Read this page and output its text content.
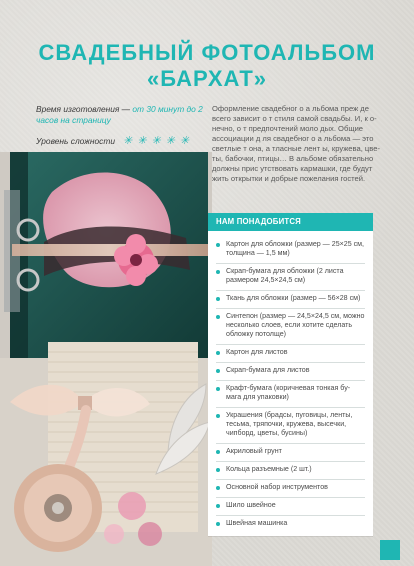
СВАДЕБНЫЙ ФОТОАЛЬБОМ
«БАРХАТ»
Время изготовления — от 30 минут до 2 часов на страницу
Уровень сложности ✳ ✳ ✳ ✳ ✳
Оформление свадебног о а льбома преж де всего зависит о т стиля самой свадьбы. И, к о- нечно, о т предпочтений моло дых. Общие ассоциации д ля свадебног о а льбома — это светлые т она, а тласные лент ы, кружева, цве- ты, бабочки, птицы… В альбоме обязательно должны прис утствовать кармашки, где будут жить открытки и добрые пожелания гостей.
НАМ ПОНАДОБИТСЯ
Картон для обложки (размер — 25×25 см, толщина — 1,5 мм)
Скрап-бумага для обложки (2 листа размером 24,5×24,5 см)
Ткань для обложки (размер — 56×28 см)
Синтепон (размер — 24,5×24,5 см, можно несколько слоев, если хотите сделать обложку потолще)
Картон для листов
Скрап-бумага для листов
Крафт-бумага (коричневая тонкая бу- мага для упаковки)
Украшения (брадсы, пуговицы, ленты, тесьма, тряпочки, кружева, высечки, чипборд, цветы, бусины)
Акриловый грунт
Кольца разъемные (2 шт.)
Основной набор инструментов
Шило швейное
Швейная машинка
